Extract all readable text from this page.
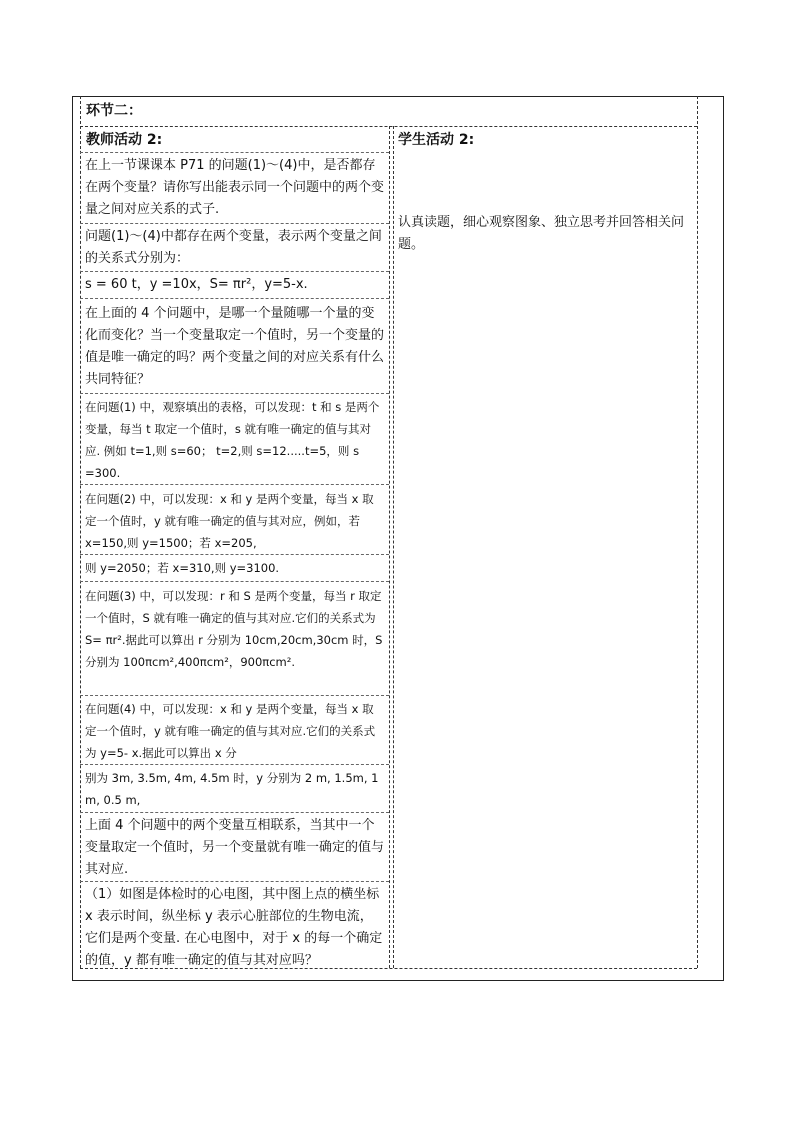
环节二：
教师活动 2:	学生活动 2:
在上一节课课本 P71 的问题(1)～(4)中，是否都存在两个变量？请你写出能表示同一个问题中的两个变量之间对应关系的式子.
问题(1)～(4)中都存在两个变量，表示两个变量之间的关系式分别为：
s = 60 t，y =10x，S= πr²，y=5-x.
在上面的 4 个问题中，是哪一个量随哪一个量的变化而变化？当一个变量取定一个值时，另一个变量的值是唯一确定的吗？两个变量之间的对应关系有什么共同特征？
在问题(1) 中，观察填出的表格，可以发现：t 和 s 是两个变量，每当 t 取定一个值时，s 就有唯一确定的值与其对应. 例如 t=1,则 s=60； t=2,则 s=12.....t=5，则 s =300.
在问题(2) 中，可以发现：x 和 y 是两个变量，每当 x 取定一个值时，y 就有唯一确定的值与其对应，例如，若 x=150,则 y=1500；若 x=205,
则 y=2050；若 x=310,则 y=3100.
在问题(3) 中，可以发现：r 和 S 是两个变量，每当 r 取定一个值时，S 就有唯一确定的值与其对应.它们的关系式为 S= πr².据此可以算出 r 分别为 10cm,20cm,30cm 时，S 分别为 100πcm²,400πcm²，900πcm².
在问题(4) 中，可以发现：x 和 y 是两个变量，每当 x 取定一个值时，y 就有唯一确定的值与其对应.它们的关系式为 y=5- x.据此可以算出 x 分
别为 3m, 3.5m, 4m, 4.5m 时，y 分别为 2 m, 1.5m, 1 m, 0.5 m,
上面 4 个问题中的两个变量互相联系，当其中一个变量取定一个值时，另一个变量就有唯一确定的值与其对应.
（1）如图是体检时的心电图，其中图上点的横坐标 x 表示时间，纵坐标 y 表示心脏部位的生物电流，它们是两个变量. 在心电图中，对于 x 的每一个确定的值，y 都有唯一确定的值与其对应吗？
认真读题，细心观察图象、独立思考并回答相关问题。
